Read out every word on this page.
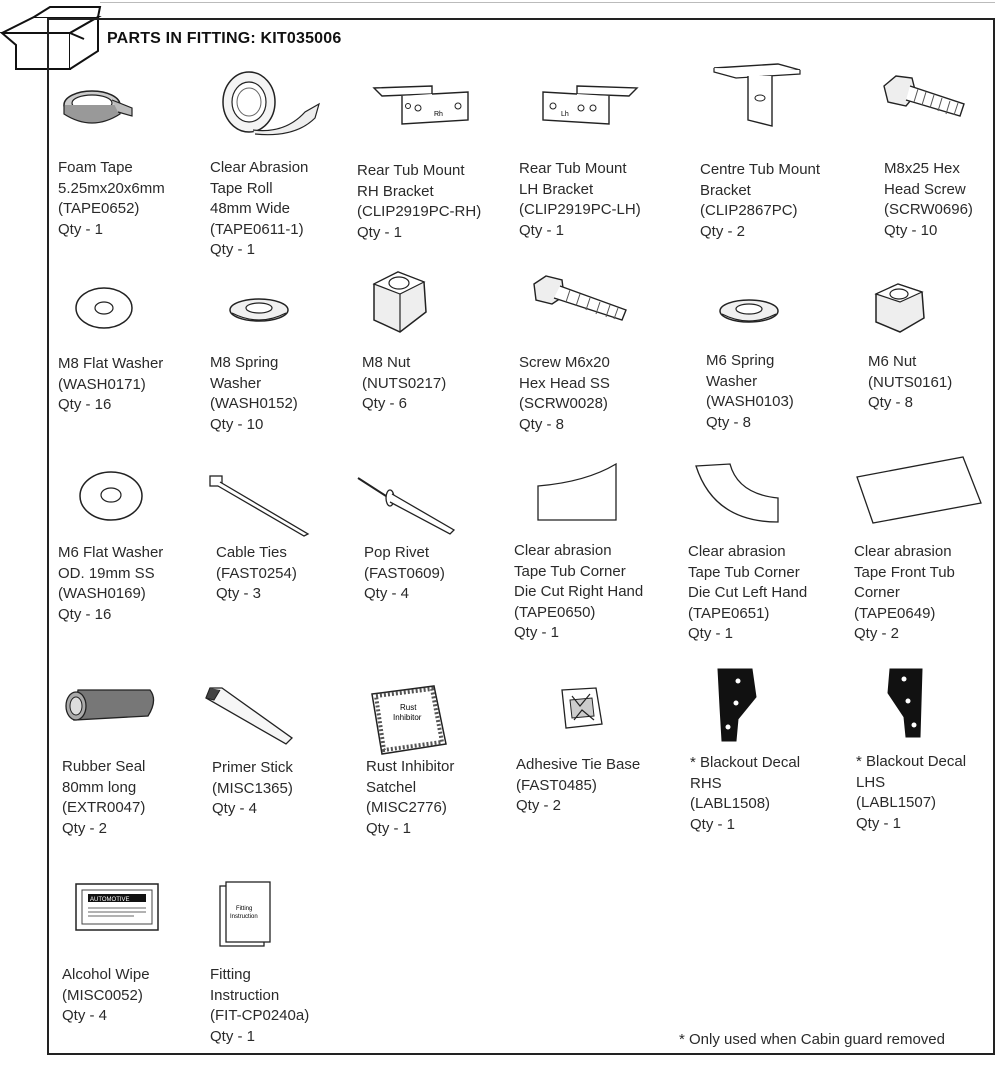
PARTS IN FITTING: KIT035006
Foam Tape
5.25mx20x6mm
(TAPE0652)
Qty - 1
Clear Abrasion
Tape Roll
48mm Wide
(TAPE0611-1)
Qty - 1
Rh
Rear Tub Mount
RH Bracket
(CLIP2919PC-RH)
Qty - 1
Lh
Rear Tub Mount
LH Bracket
(CLIP2919PC-LH)
Qty - 1
Centre Tub Mount
Bracket
(CLIP2867PC)
Qty - 2
M8x25 Hex
Head Screw
(SCRW0696)
Qty - 10
M8 Flat Washer
(WASH0171)
Qty - 16
M8 Spring
Washer
(WASH0152)
Qty - 10
M8 Nut
(NUTS0217)
Qty - 6
Screw M6x20
Hex Head SS
(SCRW0028)
Qty - 8
M6 Spring
Washer
(WASH0103)
Qty - 8
M6 Nut
(NUTS0161)
Qty - 8
M6 Flat Washer
OD. 19mm SS
(WASH0169)
Qty - 16
Cable Ties
(FAST0254)
Qty - 3
Pop Rivet
(FAST0609)
Qty - 4
Clear abrasion
Tape Tub Corner
Die Cut Right Hand
(TAPE0650)
Qty - 1
Clear abrasion
Tape Tub Corner
Die Cut Left Hand
(TAPE0651)
Qty - 1
Clear abrasion
Tape Front Tub
Corner
(TAPE0649)
Qty - 2
Rubber Seal
80mm long
(EXTR0047)
Qty - 2
Primer Stick
(MISC1365)
Qty - 4
Rust
Inhibitor
Rust Inhibitor
Satchel
(MISC2776)
Qty - 1
Adhesive Tie Base
(FAST0485)
Qty - 2
* Blackout Decal
RHS
(LABL1508)
Qty - 1
* Blackout Decal
LHS
(LABL1507)
Qty - 1
AUTOMOTIVE
Alcohol Wipe
(MISC0052)
Qty - 4
Fitting
Instruction
Fitting
Instruction
(FIT-CP0240a)
Qty - 1	* Only used when Cabin guard removed
